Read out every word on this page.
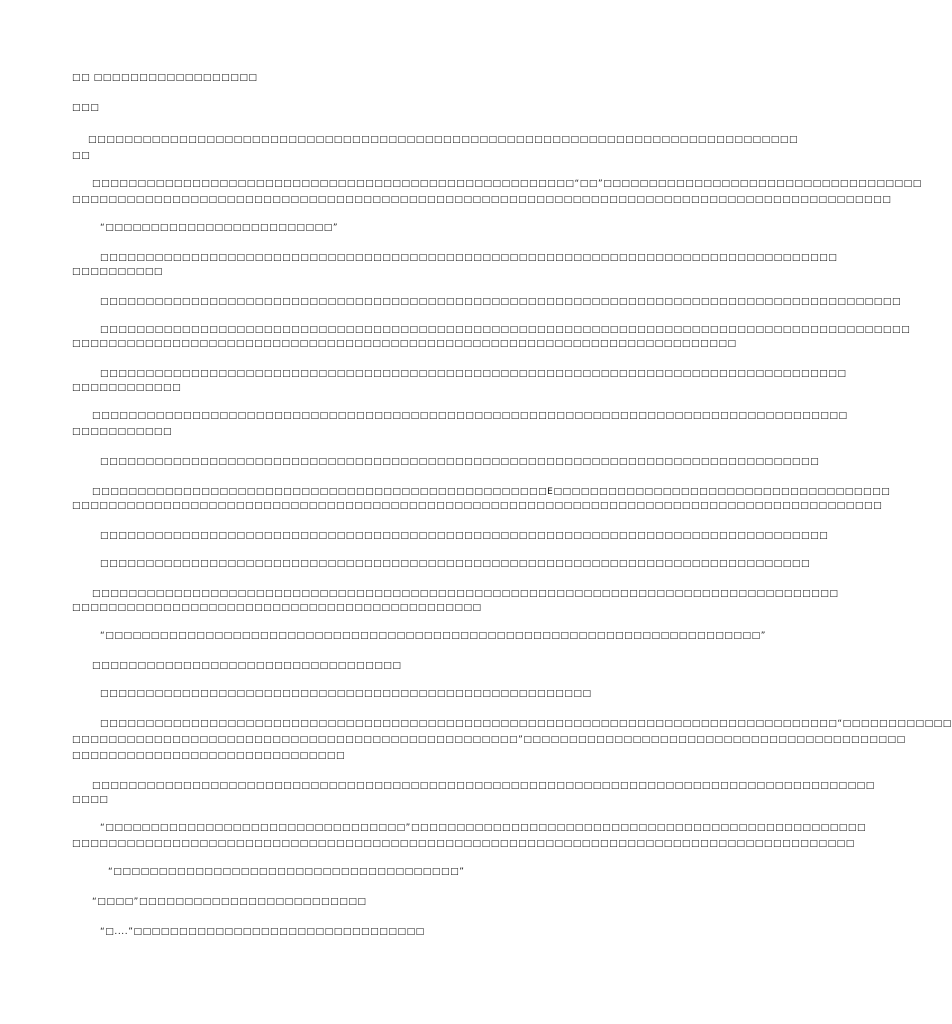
□□ □□□□□□□□□□□□□□□□□□

□□□

□□□□□□□□□□□□□□□□□□□□□□□□□□□□□□□□□□□□□□□□□□□□□□□□□□□□□□□□□□□□□□□□□□□□□□□□□□□□□□

□□

□□□□□□□□□□□□□□□□□□□□□□□□□□□□□□□□□□□□□□□□□□□□□□□□□□□□□“□□”□□□□□□□□□□□□□□□□□□□□□□□□□□□□□□□□□□□

□□□□□□□□□□□□□□□□□□□□□□□□□□□□□□□□□□□□□□□□□□□□□□□□□□□□□□□□□□□□□□□□□□□□□□□□□□□□□□□□□□□□□□□□□□

“□□□□□□□□□□□□□□□□□□□□□□□□□”

□□□□□□□□□□□□□□□□□□□□□□□□□□□□□□□□□□□□□□□□□□□□□□□□□□□□□□□□□□□□□□□□□□□□□□□□□□□□□□□□□

□□□□□□□□□□

□□□□□□□□□□□□□□□□□□□□□□□□□□□□□□□□□□□□□□□□□□□□□□□□□□□□□□□□□□□□□□□□□□□□□□□□□□□□□□□□□□□□□□□□

□□□□□□□□□□□□□□□□□□□□□□□□□□□□□□□□□□□□□□□□□□□□□□□□□□□□□□□□□□□□□□□□□□□□□□□□□□□□□□□□□□□□□□□□□

□□□□□□□□□□□□□□□□□□□□□□□□□□□□□□□□□□□□□□□□□□□□□□□□□□□□□□□□□□□□□□□□□□□□□□□□□

□□□□□□□□□□□□□□□□□□□□□□□□□□□□□□□□□□□□□□□□□□□□□□□□□□□□□□□□□□□□□□□□□□□□□□□□□□□□□□□□□□

□□□□□□□□□□□□

□□□□□□□□□□□□□□□□□□□□□□□□□□□□□□□□□□□□□□□□□□□□□□□□□□□□□□□□□□□□□□□□□□□□□□□□□□□□□□□□□□□

□□□□□□□□□□□

□□□□□□□□□□□□□□□□□□□□□□□□□□□□□□□□□□□□□□□□□□□□□□□□□□□□□□□□□□□□□□□□□□□□□□□□□□□□□□□

□□□□□□□□□□□□□□□□□□□□□□□□□□□□□□□□□□□□□□□□□□□□□□□□□□E□□□□□□□□□□□□□□□□□□□□□□□□□□□□□□□□□□□□□

□□□□□□□□□□□□□□□□□□□□□□□□□□□□□□□□□□□□□□□□□□□□□□□□□□□□□□□□□□□□□□□□□□□□□□□□□□□□□□□□□□□□□□□□□

□□□□□□□□□□□□□□□□□□□□□□□□□□□□□□□□□□□□□□□□□□□□□□□□□□□□□□□□□□□□□□□□□□□□□□□□□□□□□□□□

□□□□□□□□□□□□□□□□□□□□□□□□□□□□□□□□□□□□□□□□□□□□□□□□□□□□□□□□□□□□□□□□□□□□□□□□□□□□□□

□□□□□□□□□□□□□□□□□□□□□□□□□□□□□□□□□□□□□□□□□□□□□□□□□□□□□□□□□□□□□□□□□□□□□□□□□□□□□□□□□□

□□□□□□□□□□□□□□□□□□□□□□□□□□□□□□□□□□□□□□□□□□□□□

“□□□□□□□□□□□□□□□□□□□□□□□□□□□□□□□□□□□□□□□□□□□□□□□□□□□□□□□□□□□□□□□□□□□□□□□□”

□□□□□□□□□□□□□□□□□□□□□□□□□□□□□□□□□□

□□□□□□□□□□□□□□□□□□□□□□□□□□□□□□□□□□□□□□□□□□□□□□□□□□□□□□

□□□□□□□□□□□□□□□□□□□□□□□□□□□□□□□□□□□□□□□□□□□□□□□□□□□□□□□□□□□□□□□□□□□□□□□□□□□□□□□□□“□□□□□□□□□□□□

□□□□□□□□□□□□□□□□□□□□□□□□□□□□□□□□□□□□□□□□□□□□□□□□□”□□□□□□□□□□□□□□□□□□□□□□□□□□□□□□□□□□□□□□□□□□

□□□□□□□□□□□□□□□□□□□□□□□□□□□□□□

□□□□□□□□□□□□□□□□□□□□□□□□□□□□□□□□□□□□□□□□□□□□□□□□□□□□□□□□□□□□□□□□□□□□□□□□□□□□□□□□□□□□□□

□□□□

“□□□□□□□□□□□□□□□□□□□□□□□□□□□□□□□□□”□□□□□□□□□□□□□□□□□□□□□□□□□□□□□□□□□□□□□□□□□□□□□□□□□□

□□□□□□□□□□□□□□□□□□□□□□□□□□□□□□□□□□□□□□□□□□□□□□□□□□□□□□□□□□□□□□□□□□□□□□□□□□□□□□□□□□□□□□

“□□□□□□□□□□□□□□□□□□□□□□□□□□□□□□□□□□□□□□”

“□□□□”□□□□□□□□□□□□□□□□□□□□□□□□□

“□....”□□□□□□□□□□□□□□□□□□□□□□□□□□□□□□□□
